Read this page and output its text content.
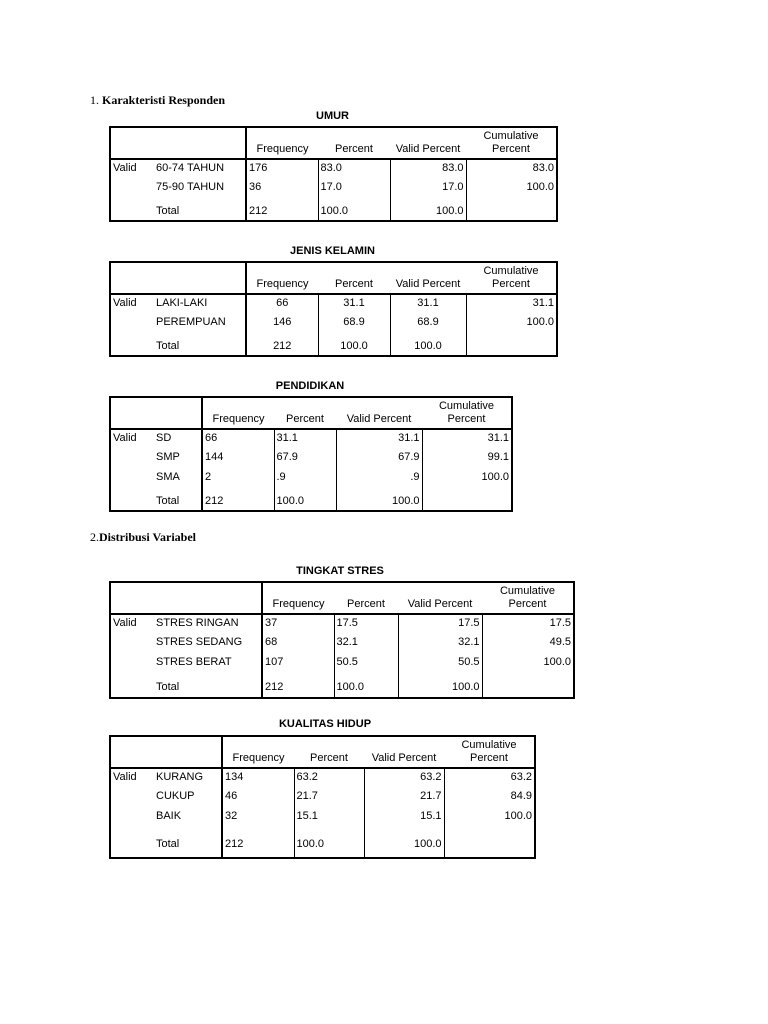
1. Karakteristi Responden
UMUR
		Frequency	Percent	Valid Percent	Cumulative Percent
Valid	60-74 TAHUN	176	83.0	83.0	83.0
	75-90 TAHUN	36	17.0	17.0	100.0
	Total	212	100.0	100.0	
JENIS KELAMIN
		Frequency	Percent	Valid Percent	Cumulative Percent
Valid	LAKI-LAKI	66	31.1	31.1	31.1
	PEREMPUAN	146	68.9	68.9	100.0
	Total	212	100.0	100.0	
PENDIDIKAN
		Frequency	Percent	Valid Percent	Cumulative Percent
Valid	SD	66	31.1	31.1	31.1
	SMP	144	67.9	67.9	99.1
	SMA	2	.9	.9	100.0
	Total	212	100.0	100.0	
2.Distribusi Variabel
TINGKAT STRES
		Frequency	Percent	Valid Percent	Cumulative Percent
Valid	STRES RINGAN	37	17.5	17.5	17.5
	STRES SEDANG	68	32.1	32.1	49.5
	STRES BERAT	107	50.5	50.5	100.0
	Total	212	100.0	100.0	
KUALITAS HIDUP
		Frequency	Percent	Valid Percent	Cumulative Percent
Valid	KURANG	134	63.2	63.2	63.2
	CUKUP	46	21.7	21.7	84.9
	BAIK	32	15.1	15.1	100.0
	Total	212	100.0	100.0	
